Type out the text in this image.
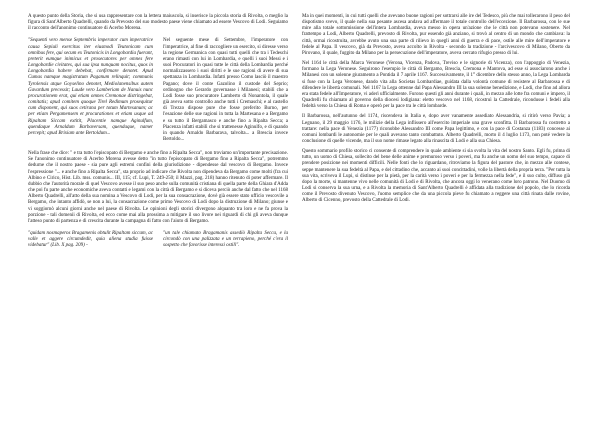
A questo punto della Storia, che si usa rappresentare con la lettera maiuscola, si inserisce la piccola storia di Rivolta, o meglio la figura di Sant'Alberto Quadrelli, quando da Prevosto del suo modesto paese viene chiamato ad essere Vescovo di Lodi. Seguiamo il racconto dell'anonimo continuatore di Acerbo Morena.

"Sequenti vero mense Septembris imperator cum imperatrice causa Sepiuli exercitus iter eiusmodi Teutonicam cum omnibus fere, qui secum ex Teutonicis in Longobardia fuerant, preterit eumque inimicus et prosecutores per omnes fere Longobardie civitates, qui sua ipsa nunquam nocitus, quos in Longobardia habere debebat, confirmare denotet. Apud Cumas namque magistratum Paganum relinquit; communis Tyrolensis atque Goyselino denotet, Mediolanensibus autem Gavardum precessit; Laude vero Lamberiam de Nanuis nunc procurationem erat, qui etiam omnes Cremonae distringebat, comitatis; apud comitem quoque Tirel Redimum prosequitur cum disponent, qui suos cetirana per totum Martesanum; ac per etiam Pergamensem et procurationes et etiam usque ad Ripaltam Siccam extitit, Placentie namque Aginulfum, quendaque Arnaldum Barbaversam, quendaque, namer percepit; apud Brixiam ante Bertoldum...
Nel seguente mese di Settembre, l'imperatore con l'imperatrice, al fine di raccogliere un esercito, si diresse verso la regione Germanica con quasi tutti quelli che tra i Tedeschi erano rimasti con lui in Lombardia, e quelli i suoi Messi e i suoi Procuratori in quasi tutte le città della Lombardia perché normalizzassero i suoi diritti e le sue ragioni di avere di sua spettanza in Lombardia. Infatti presso Como lasciò il maestro Pagano; dove il conte Gazolino il custode del Seprio; ordinogno che Gerardo governasse i Milanesi; stabilì che a Lodi fosse suo procuratore Lamberto di Nonantola, il quale già aveva sotto controllo anche tutti i Cremaschi; e al castello di Trezzo dispose pure che fosse preferito Burno, per l'esazione delle sue ragioni in tutta la Martesana e a Bergamo e su tutto il Bergamasco e anche fino a Ripalta Secca; a Piacenza infatti stabilì che si trattenesse Aginulfo, e di quando in quando Arnaldo Barbarava, talvolta... a Brescia invece Bertoldo...

Nella frase che dice: " e tra tutto l'episcopato di Bergamo e anche fino a Ripalta Secca", non troviamo un'importante precisazione. Se l'anonimo continuatore di Acerbo Morena avesse detto "in tutto l'episcopato di Bergamo fino a Ripalta Secca", potremmo dedurne che il nostro paese - sia pure agli estremi confini della giurisdizione - dipendesse dal vescovo di Bergamo. Invece l'espressione "... e anche fino a Ripalta Secca", sta proprio ad indicare che Rivolta non dipendeva da Bergamo come molti (fra cui Albino e Cirico, Hist. Lib. mss. comunis... III, 115; cf. Lupi, T. 249-250; il Mazzi, pag. 218) hanno ritenuto di poter affermare. Il dubbio che l'autorità morale di quel Vescovo avesse il suo peso anche sulla comunità cristiana di quella parte della Ghiara d'Adda che poi fu parte anche economiche aveva contatti e legami con la città di Bergamo e si diceva perciò anche dal fatto che nel 1168 Alberto Quadrelli, all'atto della sua nomina a Vescovo di Lodi, per la sua consacrazione, dovè già essere stato ufficio vescovile a Bergamo, che intanto affidò, se non a lui, la consacrazione come primo Vescovo di Lodi dopo la distruzione di Milano; giunse e vi soggiornò alcuni giorni anche nel paese di Rivolta. Le opinioni degli storici divergono alquanto tra loro e ne fa prova la porzione - tali domenii di Rivolta, ed ecco come mai alla prossima a mitigare il suo livore nei riguardi di chi gli aveva dunque l'atteso punto di partenza e di crescita durante la campagna di fatto con l'aiuto di Bergamo.

"quidam nosmaperos Bragamenis obtulit Ripaltam siccam, ac valle et aggere circumdedit, quia aliena studia fuisse videbatur" (Lib. X pag. 209) -
"un tale chiamato Bragamanis assediò Ripalta Secca, e la circondò con una palizzata e un terrapieno, perché c'era il sospetto che favorisse interessi ostili".

Ma in quei momenti, in cui tutti quelli che avevano buone ragioni per sottrarsi alle ire del Tedesco, più che mai tollerarono il peso del dispotismo svevo, il quale nella sua pesante ascesa andava ad affermare il totale controllo dell'eccezione. Il Barbarossa, con le sue mire alla totale sottomissione dell'intera Lombardia, aveva messo in opera un'azione che le città non potevano sostenere. Nel frattempo a Lodi, Alberto Quadrelli, prevosto di Rivolta, pur essendo già anziano, si trovò al centro di un mondo che cambiava: la città, ormai ricostruita, avrebbe avuto una sua parte di rilievo in quegli anni di guerra e di pace, ostile alle mire dell'imperatore e fedele al Papa. Il vescovo, già da Prevosto, aveva accolto in Rivolta - secondo la tradizione - l'arcivescovo di Milano, Oberto da Pirovano, il quale, fuggito da Milano per la persecuzione dell'imperatore, aveva cercato rifugio presso di lui.

Nel 1164 le città della Marca Veronese (Verona, Vicenza, Padova, Treviso e le signorie di Vicenza), con l'appoggio di Venezia, formano la Lega Veronese. Seguirono l'esempio le città di Bergamo, Brescia, Cremona e Mantova, ad esse si associarono anche i Milanesi con un solenne giuramento a Pontida il 7 aprile 1167. Successivamente, il 1° dicembre dello stesso anno, la Lega Lombarda si fuse con la Lega Veronese, dando vita alla Societas Lombardiae, guidata dalla volontà comune di resistere al Barbarossa e di difendere le libertà comunali. Nel 1167 la Lega ottenne dal Papa Alessandro III la sua solenne benedizione, e Lodi, che fino ad allora era stata fedele all'Imperatore, vi aderì ufficialmente. Furono questi gli anni durante i quali, in mezzo alle lotte fra comuni e impero, il Quadrelli fu chiamato al governo della diocesi lodigiana: eletto vescovo nel 1168, ricostruì la Cattedrale, ricondusse i fedeli alla fedeltà verso la Chiesa di Roma e operò per la pace tra le città lombarde.

Il Barbarossa, nell'autunno del 1174, riscendeva in Italia e, dopo aver vanamente assediato Alessandria, si ritirò verso Pavia; a Legnano, il 29 maggio 1176, le milizie della Lega inflissero all'esercito imperiale una grave sconfitta. Il Barbarossa fu costretto a trattare: nella pace di Venezia (1177) riconobbe Alessandro III come Papa legittimo, e con la pace di Costanza (1183) concesse ai comuni lombardi le autonomie per le quali avevano tanto combattuto. Alberto Quadrelli, morto il 4 luglio 1173, non poté vedere la conclusione di quelle vicende, ma il suo nome rimase legato alla rinascita di Lodi e alla sua Chiesa.

Questo sommario profilo storico ci consente di comprendere in quale ambiente si sia svolta la vita del nostro Santo. Egli fu, prima di tutto, un uomo di Chiesa, sollecito del bene delle anime e premuroso verso i poveri, ma fu anche un uomo del suo tempo, capace di prendere posizione nei momenti difficili. Nelle fonti che lo riguardano, ritroviamo la figura del pastore che, in mezzo alle contese, seppe mantenere la sua fedeltà al Papa, e del cittadino che, accanto ai suoi concittadini, volle la libertà della propria terra. "Per tutta la sua vita, scriveva il Lupi, si distinse per la pietà, per la carità verso i poveri e per la fermezza nella fede", e il suo culto, diffuso già dopo la morte, si mantenne vivo nelle comunità di Lodi e di Rivolta, che ancora oggi lo venerano come loro patrono. Nel Duomo di Lodi si conserva la sua urna, e a Rivolta la memoria di Sant'Alberto Quadrelli è affidata alla tradizione del popolo, che lo ricorda come il Prevosto divenuto Vescovo, l'uomo semplice che da una piccola pieve fu chiamato a reggere una città rinata dalle rovine, Alberto di Cicenno, prevosto della Cattedrale di Lodi.
